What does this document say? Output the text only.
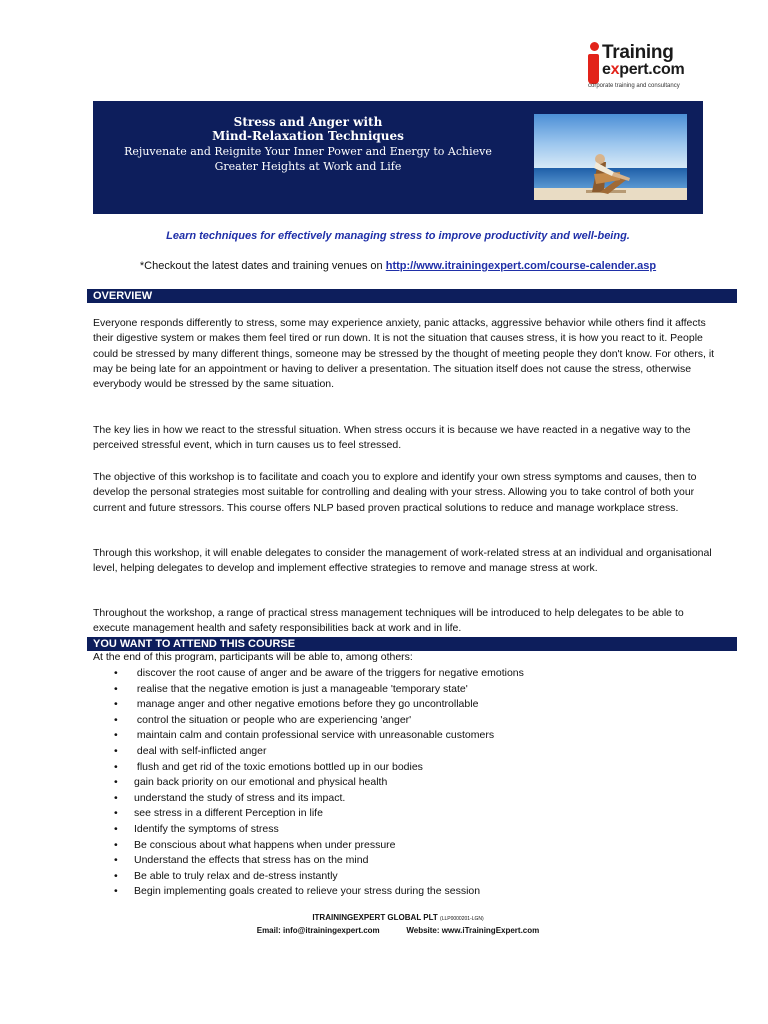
Training
expert.com
corporate training and consultancy
Stress and Anger with
Mind-Relaxation Techniques
Rejuvenate and Reignite Your Inner Power and Energy to Achieve
Greater Heights at Work and Life
Learn techniques for effectively managing stress to improve productivity and well-being.
*Checkout the latest dates and training venues on http://www.itrainingexpert.com/course-calender.asp
OVERVIEW

Everyone responds differently to stress, some may experience anxiety, panic attacks, aggressive behavior while others find it affects their digestive system or makes them feel tired or run down. It is not the situation that causes stress, it is how you react to it. People could be stressed by many different things, someone may be stressed by the thought of meeting people they don't know. For others, it may be being late for an appointment or having to deliver a presentation. The situation itself does not cause the stress, otherwise everybody would be stressed by the same situation.

The key lies in how we react to the stressful situation. When stress occurs it is because we have reacted in a negative way to the perceived stressful event, which in turn causes us to feel stressed.

The objective of this workshop is to facilitate and coach you to explore and identify your own stress symptoms and causes, then to develop the personal strategies most suitable for controlling and dealing with your stress. Allowing you to take control of both your current and future stressors. This course offers NLP based proven practical solutions to reduce and manage workplace stress.

Through this workshop, it will enable delegates to consider the management of work-related stress at an individual and organisational level, helping delegates to develop and implement effective strategies to remove and manage stress at work.

Throughout the workshop, a range of practical stress management techniques will be introduced to help delegates to be able to execute management health and safety responsibilities back at work and in life.

YOU WANT TO ATTEND THIS COURSE
At the end of this program, participants will be able to, among others:
• discover the root cause of anger and be aware of the triggers for negative emotions
• realise that the negative emotion is just a manageable 'temporary state'
• manage anger and other negative emotions before they go uncontrollable
• control the situation or people who are experiencing 'anger'
• maintain calm and contain professional service with unreasonable customers
• deal with self-inflicted anger
• flush and get rid of the toxic emotions bottled up in our bodies
• gain back priority on our emotional and physical health
• understand the study of stress and its impact.
• see stress in a different Perception in life
• Identify the symptoms of stress
• Be conscious about what happens when under pressure
• Understand the effects that stress has on the mind
• Be able to truly relax and de-stress instantly
• Begin implementing goals created to relieve your stress during the session
ITRAININGEXPERT GLOBAL PLT (LLP0000201-LGN)
Email: info@itrainingexpert.com	Website: www.iTrainingExpert.com
